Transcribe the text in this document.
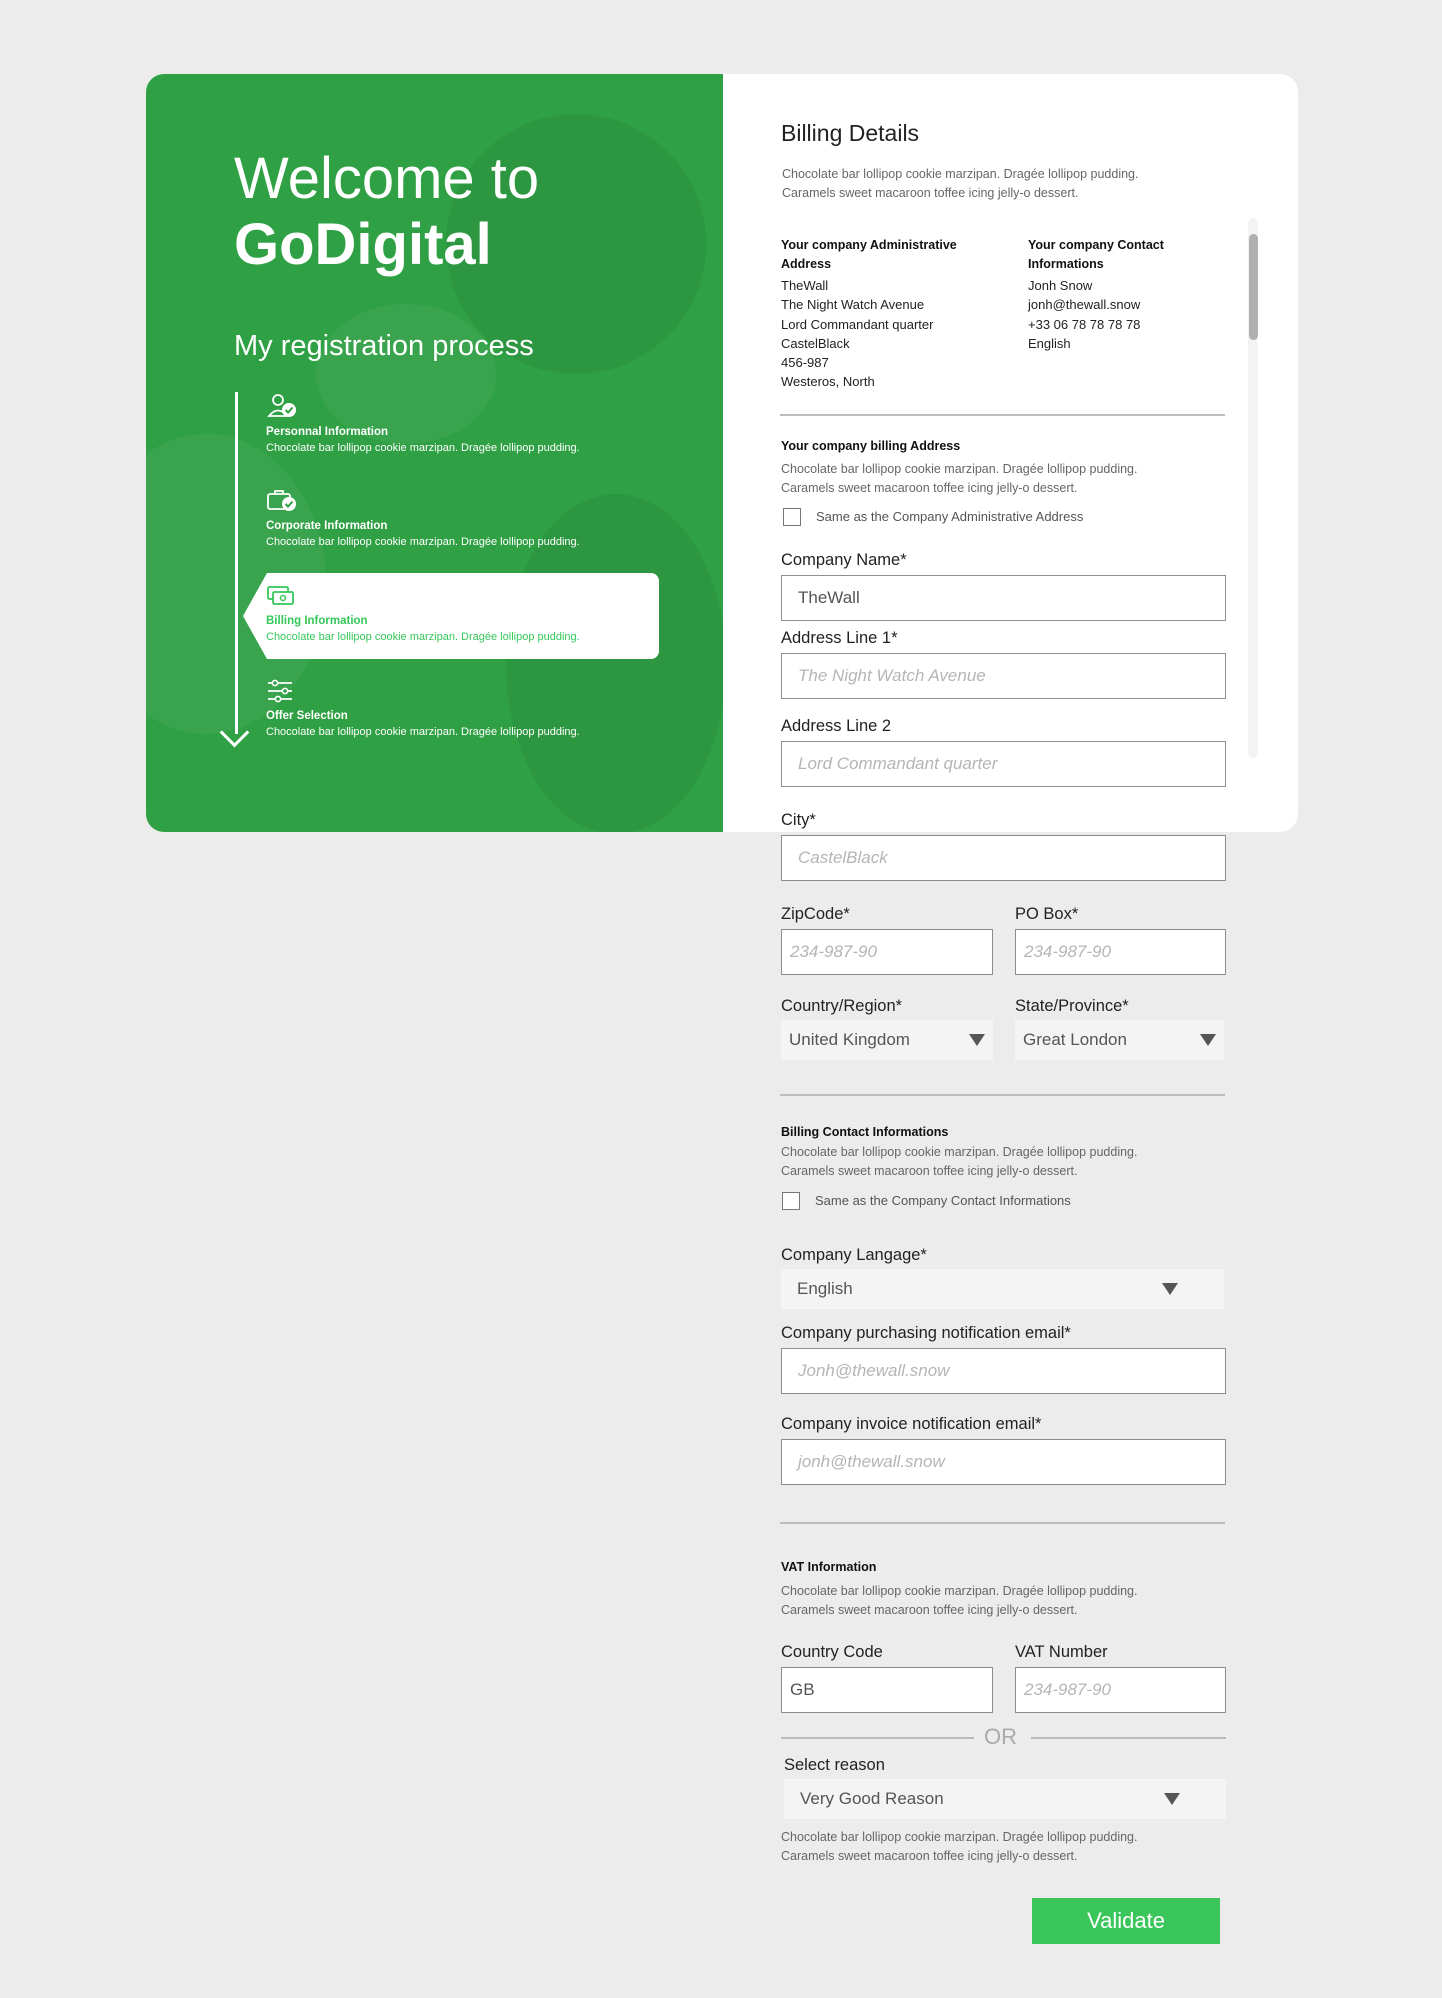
Welcome to
GoDigital
My registration process
Personnal Information
Chocolate bar lollipop cookie marzipan. Dragée lollipop pudding.
Corporate Information
Chocolate bar lollipop cookie marzipan. Dragée lollipop pudding.
Billing Information
Chocolate bar lollipop cookie marzipan. Dragée lollipop pudding.
Offer Selection
Chocolate bar lollipop cookie marzipan. Dragée lollipop pudding.
Billing Details
Chocolate bar lollipop cookie marzipan. Dragée lollipop pudding.
Caramels sweet macaroon toffee icing jelly-o dessert.
Your company Administrative
Address
TheWall
The Night Watch Avenue
Lord Commandant quarter
CastelBlack
456-987
Westeros, North
Your company Contact
Informations
Jonh Snow
jonh@thewall.snow
+33 06 78 78 78 78
English
Your company billing Address
Chocolate bar lollipop cookie marzipan. Dragée lollipop pudding.
Caramels sweet macaroon toffee icing jelly-o dessert.
Same as the Company Administrative Address
Company Name*
TheWall
Address Line 1*
The Night Watch Avenue
Address Line 2
Lord Commandant quarter
City*
CastelBlack
ZipCode*
234-987-90
PO Box*
234-987-90
Country/Region*
United Kingdom
State/Province*
Great London
Billing Contact Informations
Chocolate bar lollipop cookie marzipan. Dragée lollipop pudding.
Caramels sweet macaroon toffee icing jelly-o dessert.
Same as the Company Contact Informations
Company Langage*
English
Company purchasing notification email*
Jonh@thewall.snow
Company invoice notification email*
jonh@thewall.snow
VAT Information
Chocolate bar lollipop cookie marzipan. Dragée lollipop pudding.
Caramels sweet macaroon toffee icing jelly-o dessert.
Country Code
GB
VAT Number
234-987-90
OR
Select reason
Very Good Reason
Chocolate bar lollipop cookie marzipan. Dragée lollipop pudding.
Caramels sweet macaroon toffee icing jelly-o dessert.
Validate
